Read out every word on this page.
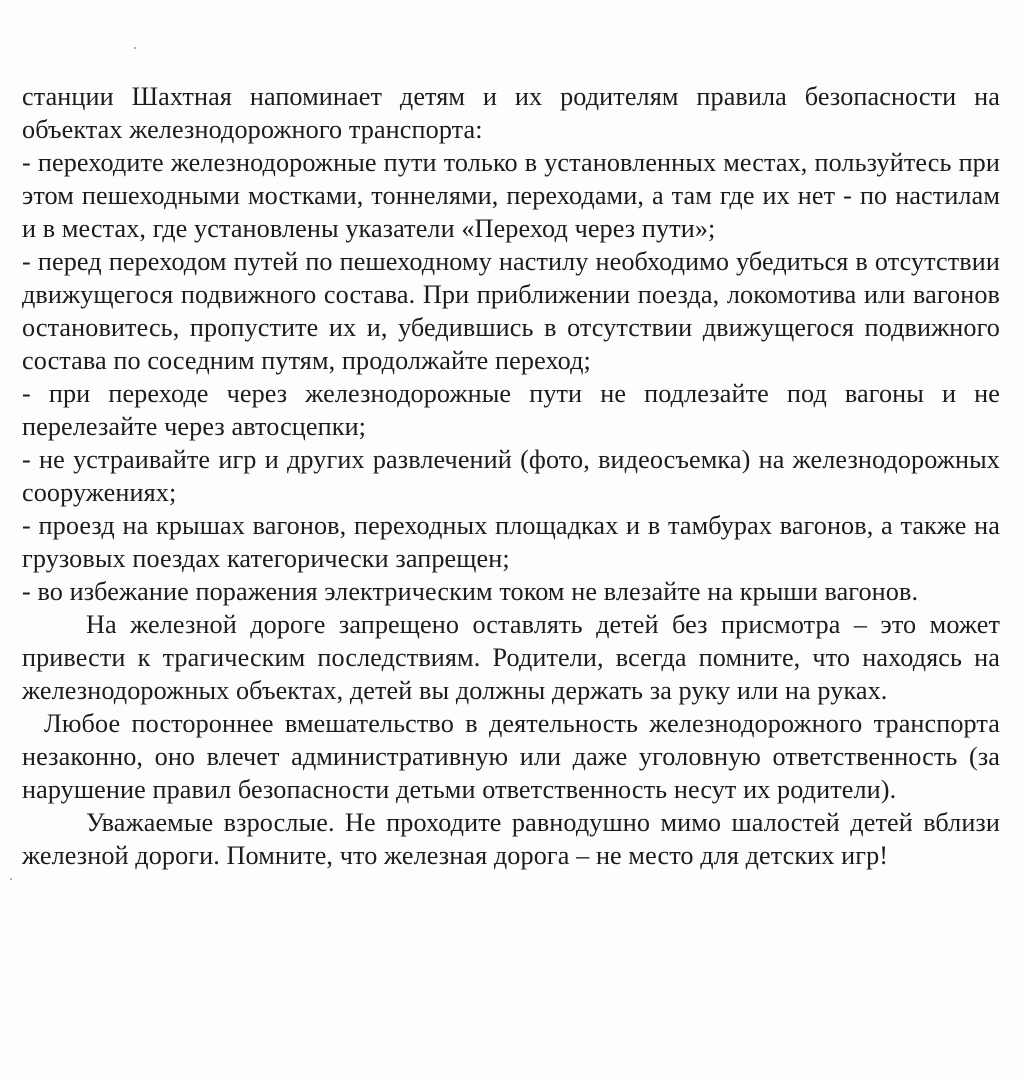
станции Шахтная напоминает детям и их родителям правила безопасности на объектах железнодорожного транспорта:

- переходите железнодорожные пути только в установленных местах, пользуйтесь при этом пешеходными мостками, тоннелями, переходами, а там где их нет - по настилам и в местах, где установлены указатели «Переход через пути»;

- перед переходом путей по пешеходному настилу необходимо убедиться в отсутствии движущегося подвижного состава. При приближении поезда, локомотива или вагонов остановитесь, пропустите их и, убедившись в отсутствии движущегося подвижного состава по соседним путям, продолжайте переход;

- при переходе через железнодорожные пути не подлезайте под вагоны и не перелезайте через автосцепки;

- не устраивайте игр и других развлечений (фото, видеосъемка) на железнодорожных сооружениях;

- проезд на крышах вагонов, переходных площадках и в тамбурах вагонов, а также на грузовых поездах категорически запрещен;

- во избежание поражения электрическим током не влезайте на крыши вагонов.

На железной дороге запрещено оставлять детей без присмотра – это может привести к трагическим последствиям. Родители, всегда помните, что находясь на железнодорожных объектах, детей вы должны держать за руку или на руках.

Любое постороннее вмешательство в деятельность железнодорожного транспорта незаконно, оно влечет административную или даже уголовную ответственность (за нарушение правил безопасности детьми ответственность несут их родители).

Уважаемые взрослые. Не проходите равнодушно мимо шалостей детей вблизи железной дороги. Помните, что железная дорога – не место для детских игр!
